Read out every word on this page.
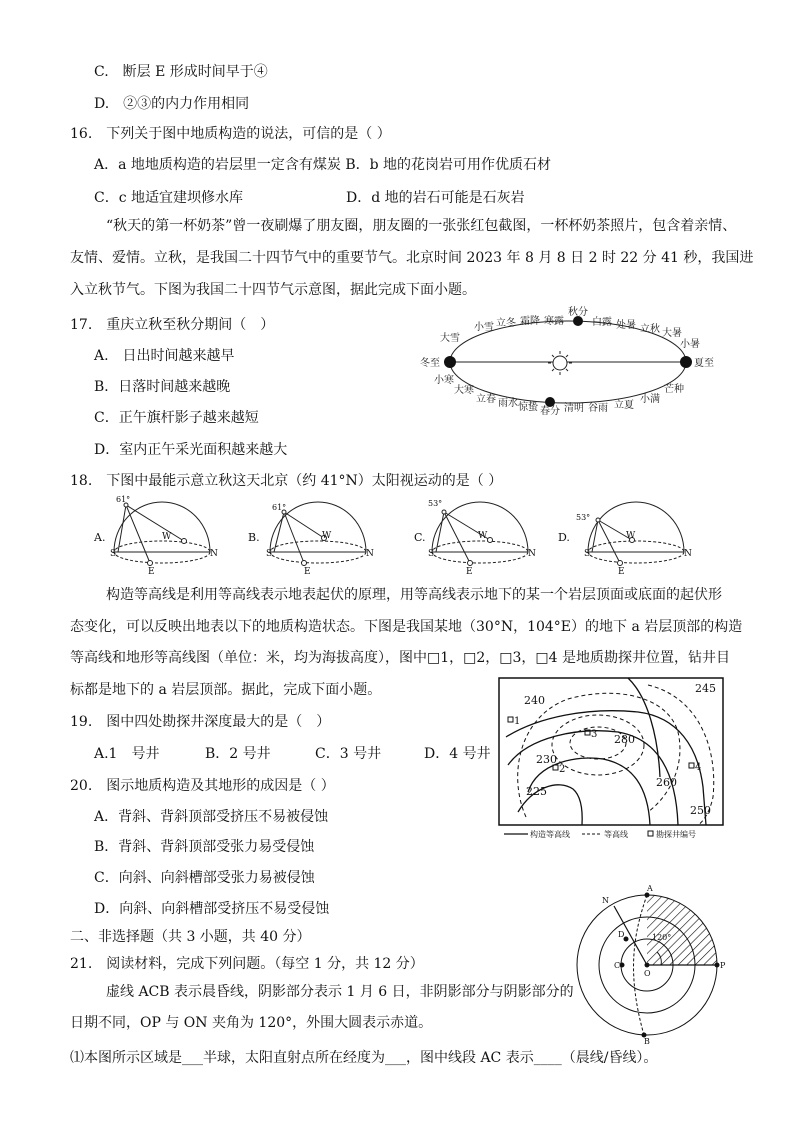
C.　断层 E 形成时间早于④
D.　②③的内力作用相同
16.　下列关于图中地质构造的说法，可信的是（ ）
A．a 地地质构造的岩层里一定含有煤炭 B．b 地的花岗岩可用作优质石材
C．c 地适宜建坝修水库	D．d 地的岩石可能是石灰岩
“秋天的第一杯奶茶”曾一夜刷爆了朋友圈，朋友圈的一张张红包截图，一杯杯奶茶照片，包含着亲情、
友情、爱情。立秋，是我国二十四节气中的重要节气。北京时间 2023 年 8 月 8 日 2 时 22 分 41 秒，我国进
入立秋节气。下图为我国二十四节气示意图，据此完成下面小题。
17.　重庆立秋至秋分期间（　）
A.　日出时间越来越早
B．日落时间越来越晚
C．正午旗杆影子越来越短
D．室内正午采光面积越来越大
18.　下图中最能示意立秋这天北京（约 41°N）太阳视运动的是（ ）
构造等高线是利用等高线表示地表起伏的原理，用等高线表示地下的某一个岩层顶面或底面的起伏形
态变化，可以反映出地表以下的地质构造状态。下图是我国某地（30°N，104°E）的地下 a 岩层顶部的构造
等高线和地形等高线图（单位：米，均为海拔高度），图中□1，□2，□3，□4 是地质勘探井位置，钻井目
标都是地下的 a 岩层顶部。据此，完成下面小题。
19.　图中四处勘探井深度最大的是（　）
A.1　号井	B．2 号井	C．3 号井	D．4 号井
20.　图示地质构造及其地形的成因是（ ）
A．背斜、背斜顶部受挤压不易被侵蚀
B．背斜、背斜顶部受张力易受侵蚀
C．向斜、向斜槽部受张力易被侵蚀
D．向斜、向斜槽部受挤压不易受侵蚀
二、非选择题（共 3 小题，共 40 分）
21.　阅读材料，完成下列问题。（每空 1 分，共 12 分）
虚线 ACB 表示晨昏线，阴影部分表示 1 月 6 日，非阴影部分与阴影部分的
日期不同，OP 与 ON 夹角为 120°，外围大圆表示赤道。
⑴本图所示区域是___半球，太阳直射点所在经度为___，图中线段 AC 表示____（晨线/昏线）。
大雪
小雪 立冬 霜降 寒露
秋分
白露 处暑 立秋 大暑
小暑
冬至	夏至
小寒
大寒
立春 雨水 惊蛰 春分 清明 谷雨 立夏
小满
芒种
A.
61°
W
S	N
E
B.
61°
W
S	N
E
C.
53°
W
S	N
E
D.
53°
W
S	N
E
240
245
230
280
260
225
250
1
2
3
4
构造等高线	等高线	勘探井编号
A
N
D	120°
C
O
P
B
